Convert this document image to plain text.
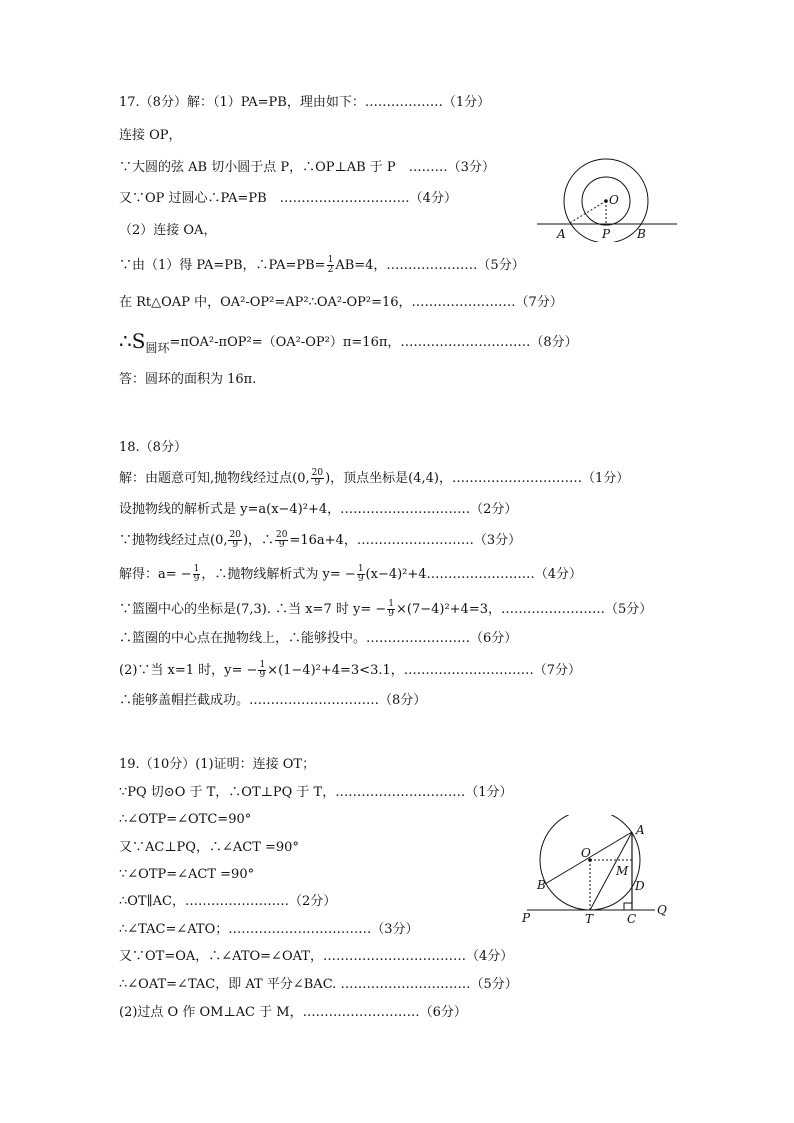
17.（8分）解：（1）PA=PB，理由如下：………………（1分）
连接 OP，
∵大圆的弦 AB 切小圆于点 P，∴OP⊥AB 于 P　………（3分）
又∵OP 过圆心∴PA=PB　…………………………（4分）
（2）连接 OA，
∵由（1）得 PA=PB，∴PA=PB= $\frac{1}{2} AB=4$，…………………（5分）
在 Rt△OAP 中，OA²-OP²=AP²∴OA²-OP²=16，……………………（7分）
∴S圆环=πOA²-πOP²=（OA²-OP²）π=16π，…………………………（8分）
答：圆环的面积为 16π.
O
A	P B
18.（8分）
解：由题意可知,抛物线经过点(0, $\frac{20}{9}$ )，顶点坐标是(4,4)，…………………………（1分）
设抛物线的解析式是 y=a(x−4)²+4，…………………………（2分）
∵抛物线经过点(0, $\frac{20}{9}$ )，∴ $\frac{20}{9} =16a+4$，………………………（3分）
解得：$a= - \frac{1}{9}$ ，∴抛物线解析式为 $y= - \frac{1}{9}$ (x−4)²+4.……………………（4分）
∵篮圈中心的坐标是(7,3). ∴当 x=7 时 $y= - \frac{1}{9} \times(7-4)^2+4=3$，……………………（5分）
∴篮圈的中心点在抛物线上，∴能够投中。……………………（6分）
(2)∵当 x=1 时，$y= - \frac{1}{9} \times(1-4)^2+4=3<3.1$，…………………………（7分）
∴能够盖帽拦截成功。…………………………（8分）
19.（10分）(1)证明：连接 OT；
∵PQ 切⊙O 于 T，∴OT⊥PQ 于 T，…………………………（1分）
∴∠OTP=∠OTC=90°
又∵AC⊥PQ，∴∠ACT =90°
∵∠OTP=∠ACT =90°
∴OT∥AC，……………………（2分）
∴∠TAC=∠ATO；……………………………（3分）
又∵OT=OA，∴∠ATO=∠OAT，……………………………（4分）
∴∠OAT=∠TAC，即 AT 平分∠BAC. …………………………（5分）
(2)过点 O 作 OM⊥AC 于 M，………………………（6分）
A
O
M
D
B
P	T	C
Q
